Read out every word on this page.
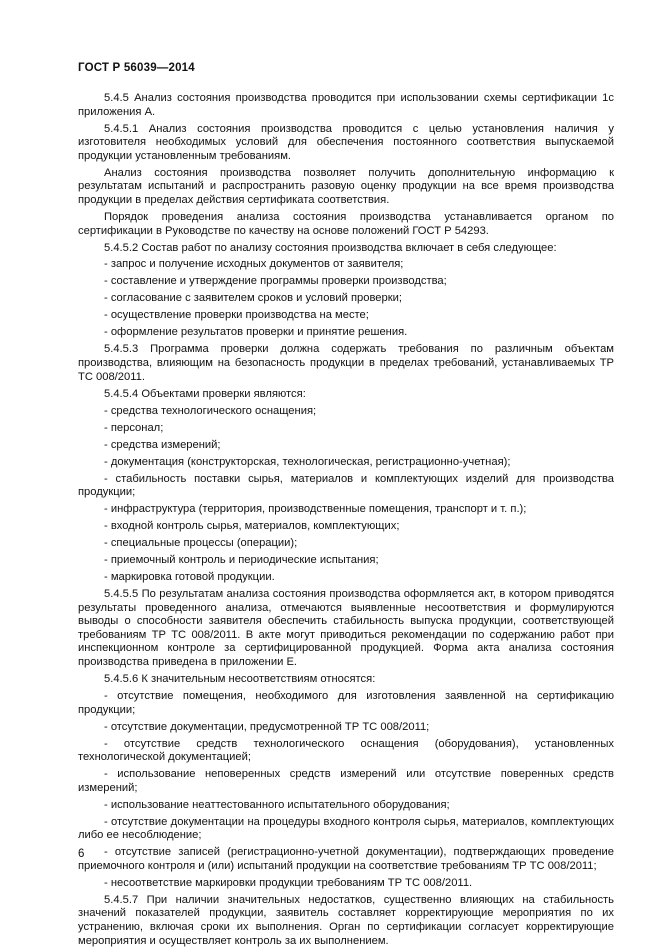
ГОСТ Р 56039—2014

5.4.5 Анализ состояния производства проводится при использовании схемы сертификации 1с приложения А.

5.4.5.1 Анализ состояния производства проводится с целью установления наличия у изготовителя необходимых условий для обеспечения постоянного соответствия выпускаемой продукции установленным требованиям.

Анализ состояния производства позволяет получить дополнительную информацию к результатам испытаний и распространить разовую оценку продукции на все время производства продукции в пределах действия сертификата соответствия.

Порядок проведения анализа состояния производства устанавливается органом по сертификации в Руководстве по качеству на основе положений ГОСТ Р 54293.

5.4.5.2 Состав работ по анализу состояния производства включает в себя следующее:

- запрос и получение исходных документов от заявителя;

- составление и утверждение программы проверки производства;

- согласование с заявителем сроков и условий проверки;

- осуществление проверки производства на месте;

- оформление результатов проверки и принятие решения.

5.4.5.3 Программа проверки должна содержать требования по различным объектам производства, влияющим на безопасность продукции в пределах требований, устанавливаемых ТР ТС 008/2011.

5.4.5.4 Объектами проверки являются:

- средства технологического оснащения;

- персонал;

- средства измерений;

- документация (конструкторская, технологическая, регистрационно-учетная);

- стабильность поставки сырья, материалов и комплектующих изделий для производства продукции;

- инфраструктура (территория, производственные помещения, транспорт и т. п.);

- входной контроль сырья, материалов, комплектующих;

- специальные процессы (операции);

- приемочный контроль и периодические испытания;

- маркировка готовой продукции.

5.4.5.5 По результатам анализа состояния производства оформляется акт, в котором приводятся результаты проведенного анализа, отмечаются выявленные несоответствия и формулируются выводы о способности заявителя обеспечить стабильность выпуска продукции, соответствующей требованиям ТР ТС 008/2011. В акте могут приводиться рекомендации по содержанию работ при инспекционном контроле за сертифицированной продукцией. Форма акта анализа состояния производства приведена в приложении Е.

5.4.5.6 К значительным несоответствиям относятся:

- отсутствие помещения, необходимого для изготовления заявленной на сертификацию продукции;

- отсутствие документации, предусмотренной ТР ТС 008/2011;

- отсутствие средств технологического оснащения (оборудования), установленных технологической документацией;

- использование неповеренных средств измерений или отсутствие поверенных средств измерений;

- использование неаттестованного испытательного оборудования;

- отсутствие документации на процедуры входного контроля сырья, материалов, комплектующих либо ее несоблюдение;

- отсутствие записей (регистрационно-учетной документации), подтверждающих проведение приемочного контроля и (или) испытаний продукции на соответствие требованиям ТР ТС 008/2011;

- несоответствие маркировки продукции требованиям ТР ТС 008/2011.

5.4.5.7 При наличии значительных недостатков, существенно влияющих на стабильность значений показателей продукции, заявитель составляет корректирующие мероприятия по их устранению, включая сроки их выполнения. Орган по сертификации согласует корректирующие мероприятия и осуществляет контроль за их выполнением.

6
